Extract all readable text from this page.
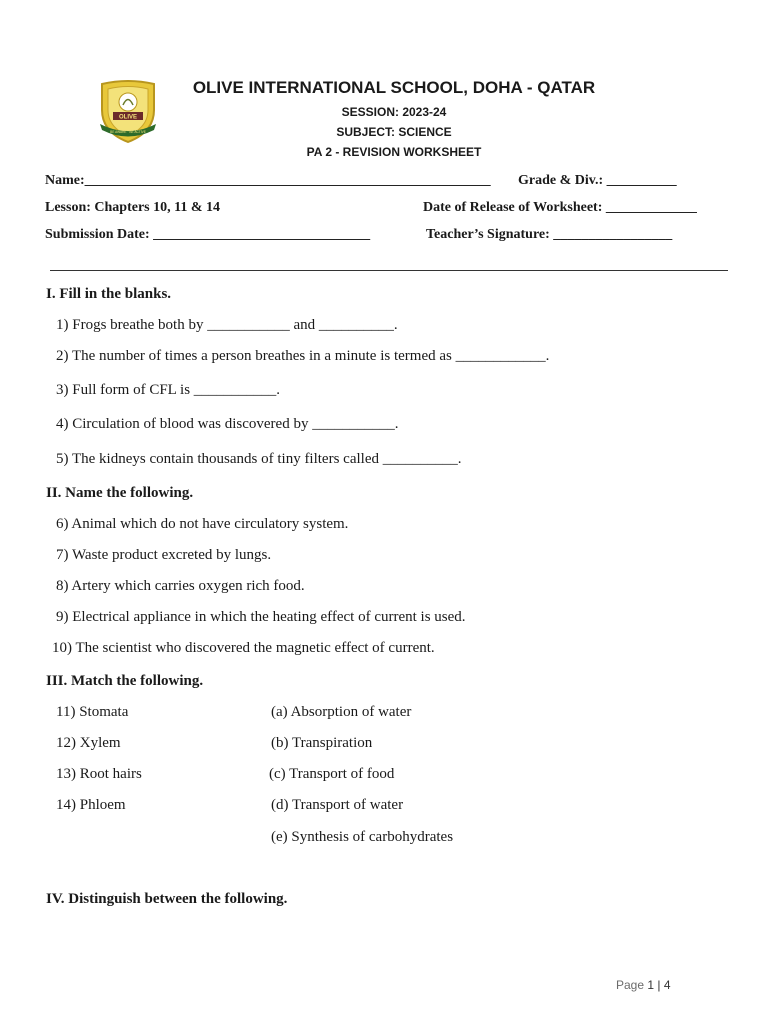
OLIVE
BE AWARE · BE ACTIVE
OLIVE INTERNATIONAL SCHOOL, DOHA - QATAR
SESSION: 2023-24
SUBJECT: SCIENCE
PA 2 - REVISION WORKSHEET
Name:__________________________________________________________ Grade & Div.: __________
Lesson: Chapters 10, 11 & 14	Date of Release of Worksheet: _____________
Submission Date: _______________________________	Teacher’s Signature: _________________
I. Fill in the blanks.
1) Frogs breathe both by ___________ and __________.
2) The number of times a person breathes in a minute is termed as ____________.
3) Full form of CFL is ___________.
4) Circulation of blood was discovered by ___________.
5) The kidneys contain thousands of tiny filters called __________.
II. Name the following.
6) Animal which do not have circulatory system.
7) Waste product excreted by lungs.
8) Artery which carries oxygen rich food.
9) Electrical appliance in which the heating effect of current is used.
10) The scientist who discovered the magnetic effect of current.
III. Match the following.
11) Stomata
12) Xylem
13) Root hairs
14) Phloem
(a) Absorption of water
(b) Transpiration
(c) Transport of food
(d) Transport of water
(e) Synthesis of carbohydrates
IV. Distinguish between the following.
Page 1 | 4
